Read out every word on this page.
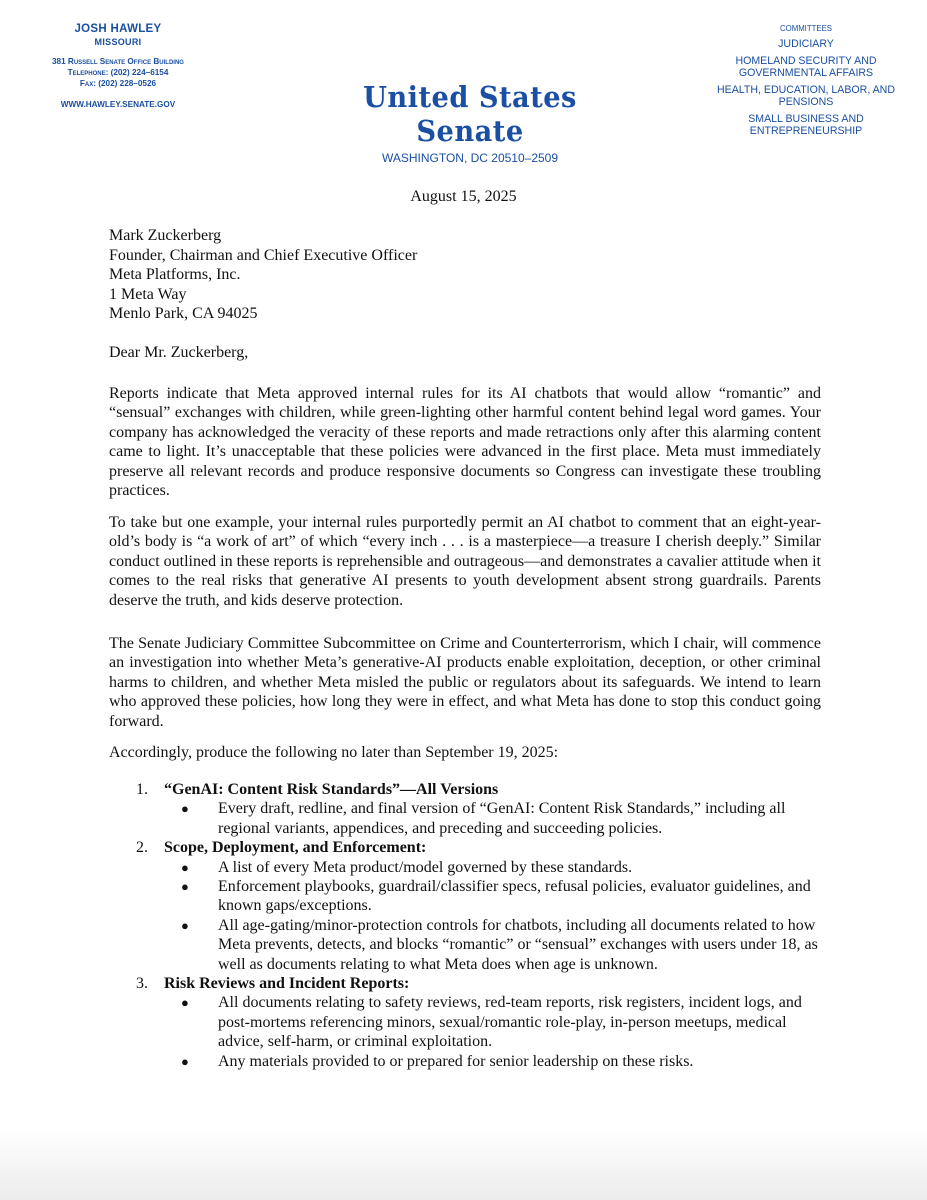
JOSH HAWLEY
MISSOURI
381 Russell Senate Office Building
Telephone: (202) 224–6154
Fax: (202) 228–0526
WWW.HAWLEY.SENATE.GOV	United States Senate
WASHINGTON, DC 20510–2509
COMMITTEES
JUDICIARY
HOMELAND SECURITY AND GOVERNMENTAL AFFAIRS
HEALTH, EDUCATION, LABOR, AND PENSIONS
SMALL BUSINESS AND ENTREPRENEURSHIP
August 15, 2025
Mark Zuckerberg
Founder, Chairman and Chief Executive Officer
Meta Platforms, Inc.
1 Meta Way
Menlo Park, CA 94025
Dear Mr. Zuckerberg,
Reports indicate that Meta approved internal rules for its AI chatbots that would allow “romantic” and “sensual” exchanges with children, while green-lighting other harmful content behind legal word games. Your company has acknowledged the veracity of these reports and made retractions only after this alarming content came to light. It’s unacceptable that these policies were advanced in the first place. Meta must immediately preserve all relevant records and produce responsive documents so Congress can investigate these troubling practices.
To take but one example, your internal rules purportedly permit an AI chatbot to comment that an eight-year-old’s body is “a work of art” of which “every inch . . . is a masterpiece—a treasure I cherish deeply.” Similar conduct outlined in these reports is reprehensible and outrageous—and demonstrates a cavalier attitude when it comes to the real risks that generative AI presents to youth development absent strong guardrails. Parents deserve the truth, and kids deserve protection.
The Senate Judiciary Committee Subcommittee on Crime and Counterterrorism, which I chair, will commence an investigation into whether Meta’s generative-AI products enable exploitation, deception, or other criminal harms to children, and whether Meta misled the public or regulators about its safeguards. We intend to learn who approved these policies, how long they were in effect, and what Meta has done to stop this conduct going forward.
Accordingly, produce the following no later than September 19, 2025:
1. “GenAI: Content Risk Standards”—All Versions
● Every draft, redline, and final version of “GenAI: Content Risk Standards,” including all regional variants, appendices, and preceding and succeeding policies.
2. Scope, Deployment, and Enforcement:
● A list of every Meta product/model governed by these standards.
● Enforcement playbooks, guardrail/classifier specs, refusal policies, evaluator guidelines, and known gaps/exceptions.
● All age-gating/minor-protection controls for chatbots, including all documents related to how Meta prevents, detects, and blocks “romantic” or “sensual” exchanges with users under 18, as well as documents relating to what Meta does when age is unknown.
3. Risk Reviews and Incident Reports:
● All documents relating to safety reviews, red-team reports, risk registers, incident logs, and post-mortems referencing minors, sexual/romantic role-play, in-person meetups, medical advice, self-harm, or criminal exploitation.
● Any materials provided to or prepared for senior leadership on these risks.
